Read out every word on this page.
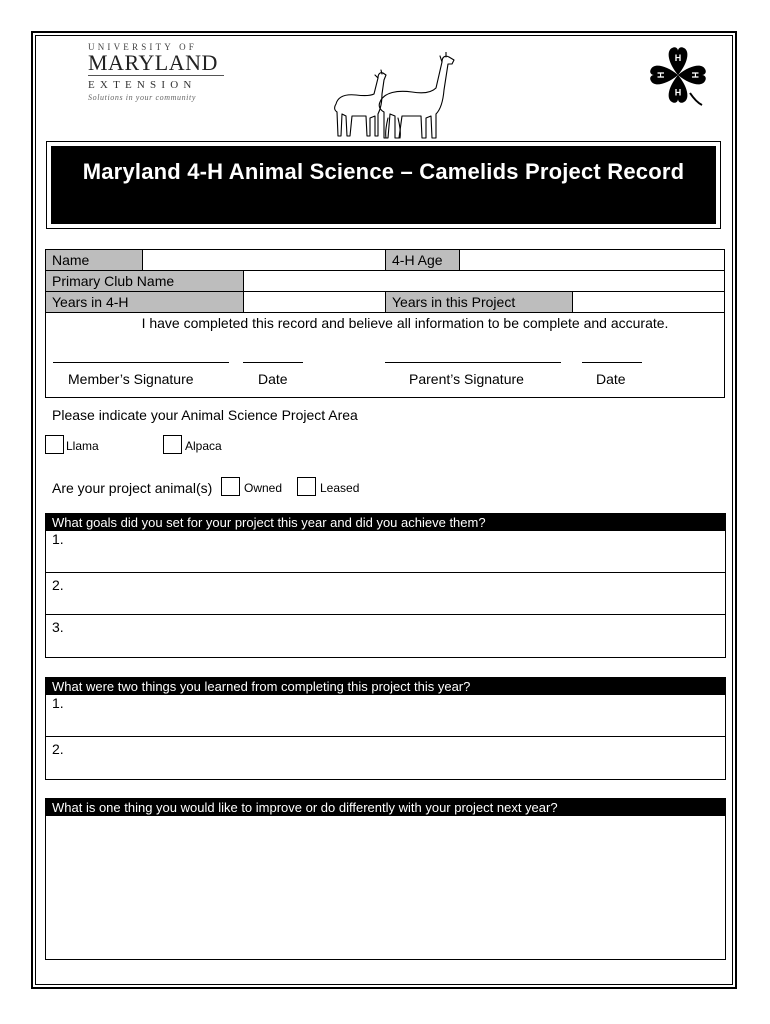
UNIVERSITY OF
MARYLAND
EXTENSION
Solutions in your community
H
H
H
H
Maryland 4-H Animal Science – Camelids Project Record
Name	4-H Age
Primary Club Name
Years in 4-H	Years in this Project
I have completed this record and believe all information to be complete and accurate.
Member’s Signature	Date	Parent’s Signature	Date
Please indicate your Animal Science Project Area
Llama	Alpaca
Are your project animal(s)	Owned	Leased
What goals did you set for your project this year and did you achieve them?
1.
2.
3.
What were two things you learned from completing this project this year?
1.
2.
What is one thing you would like to improve or do differently with your project next year?
